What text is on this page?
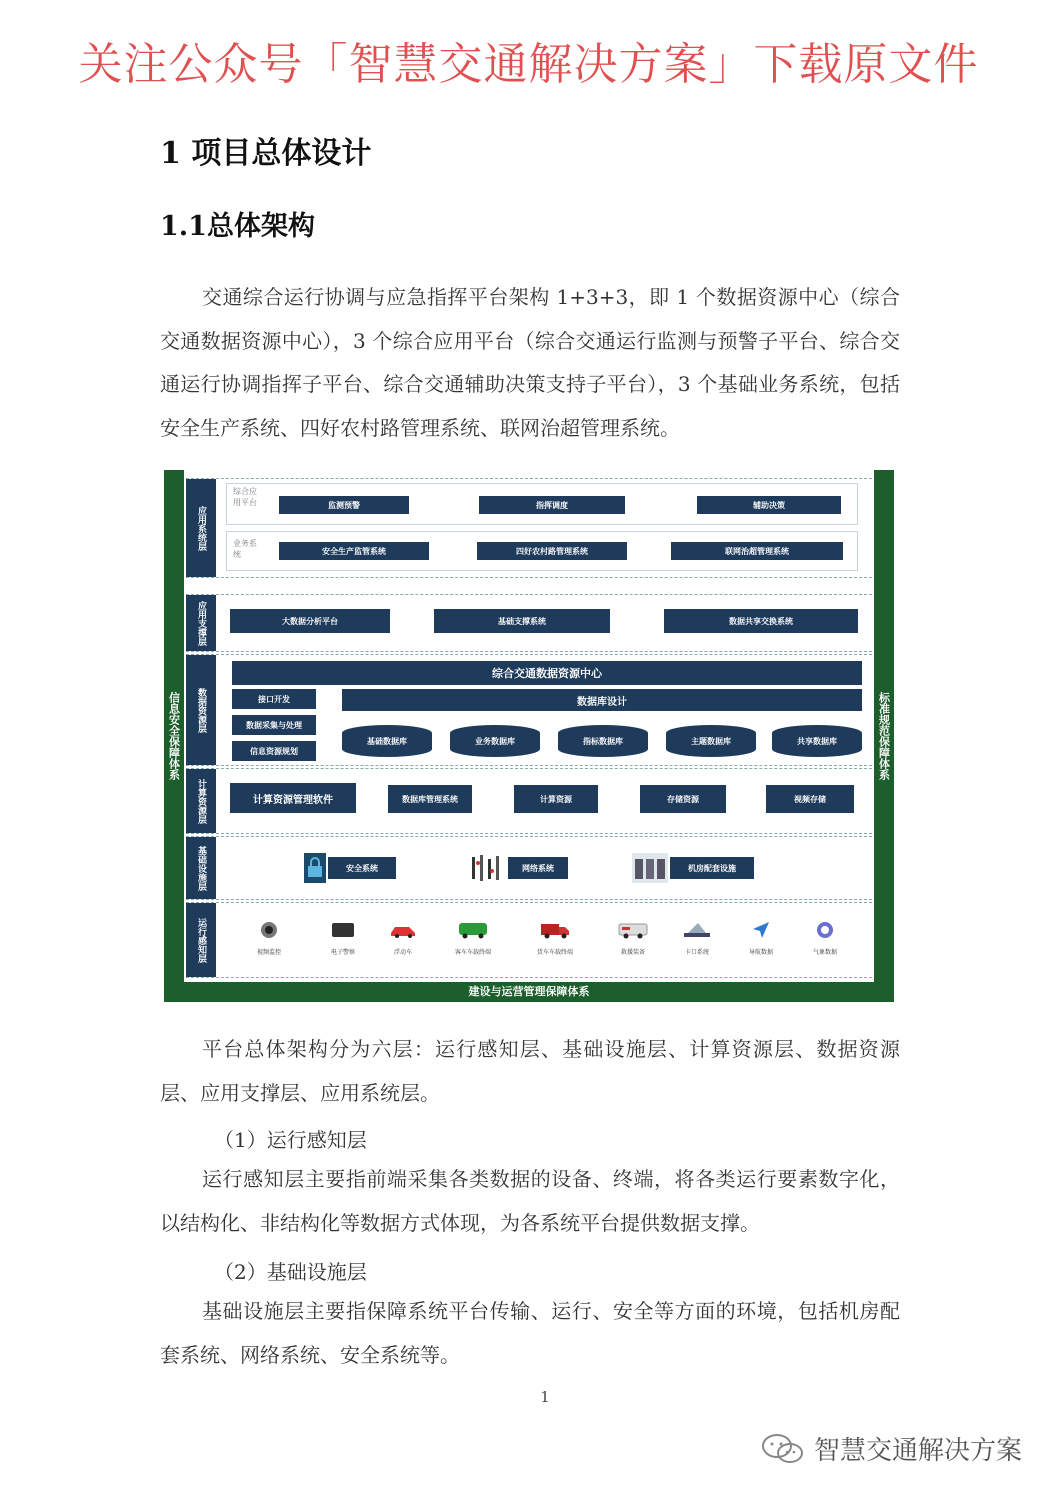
关注公众号「智慧交通解决方案」下载原文件
1 项目总体设计
1.1总体架构
交通综合运行协调与应急指挥平台架构 1+3+3，即 1 个数据资源中心（综合交通数据资源中心），3 个综合应用平台（综合交通运行监测与预警子平台、综合交通运行协调指挥子平台、综合交通辅助决策支持子平台），3 个基础业务系统，包括安全生产系统、四好农村路管理系统、联网治超管理系统。
信息安全保障体系	标准规范保障体系
应用系统层
综合应用平台	监测预警	指挥调度	辅助决策
业务系统	安全生产监管系统	四好农村路管理系统	联网治超管理系统
应用支撑层	大数据分析平台	基础支撑系统	数据共享交换系统
数据资源层
综合交通数据资源中心
接口开发
数据采集与处理
信息资源规划
数据库设计
基础数据库	业务数据库	指标数据库	主题数据库	共享数据库
计算资源层	计算资源管理软件	数据库管理系统	计算资源	存储资源	视频存储
基础设施层	安全系统	网络系统	机房配套设施
运行感知层	视频监控	电子警察	浮动车	客车车载终端	货车车载终端	救援装备	卡口系统	导航数据	气象数据
建设与运营管理保障体系
平台总体架构分为六层：运行感知层、基础设施层、计算资源层、数据资源层、应用支撑层、应用系统层。
（1）运行感知层
运行感知层主要指前端采集各类数据的设备、终端，将各类运行要素数字化，以结构化、非结构化等数据方式体现，为各系统平台提供数据支撑。
（2）基础设施层
基础设施层主要指保障系统平台传输、运行、安全等方面的环境，包括机房配套系统、网络系统、安全系统等。
1
智慧交通解决方案
